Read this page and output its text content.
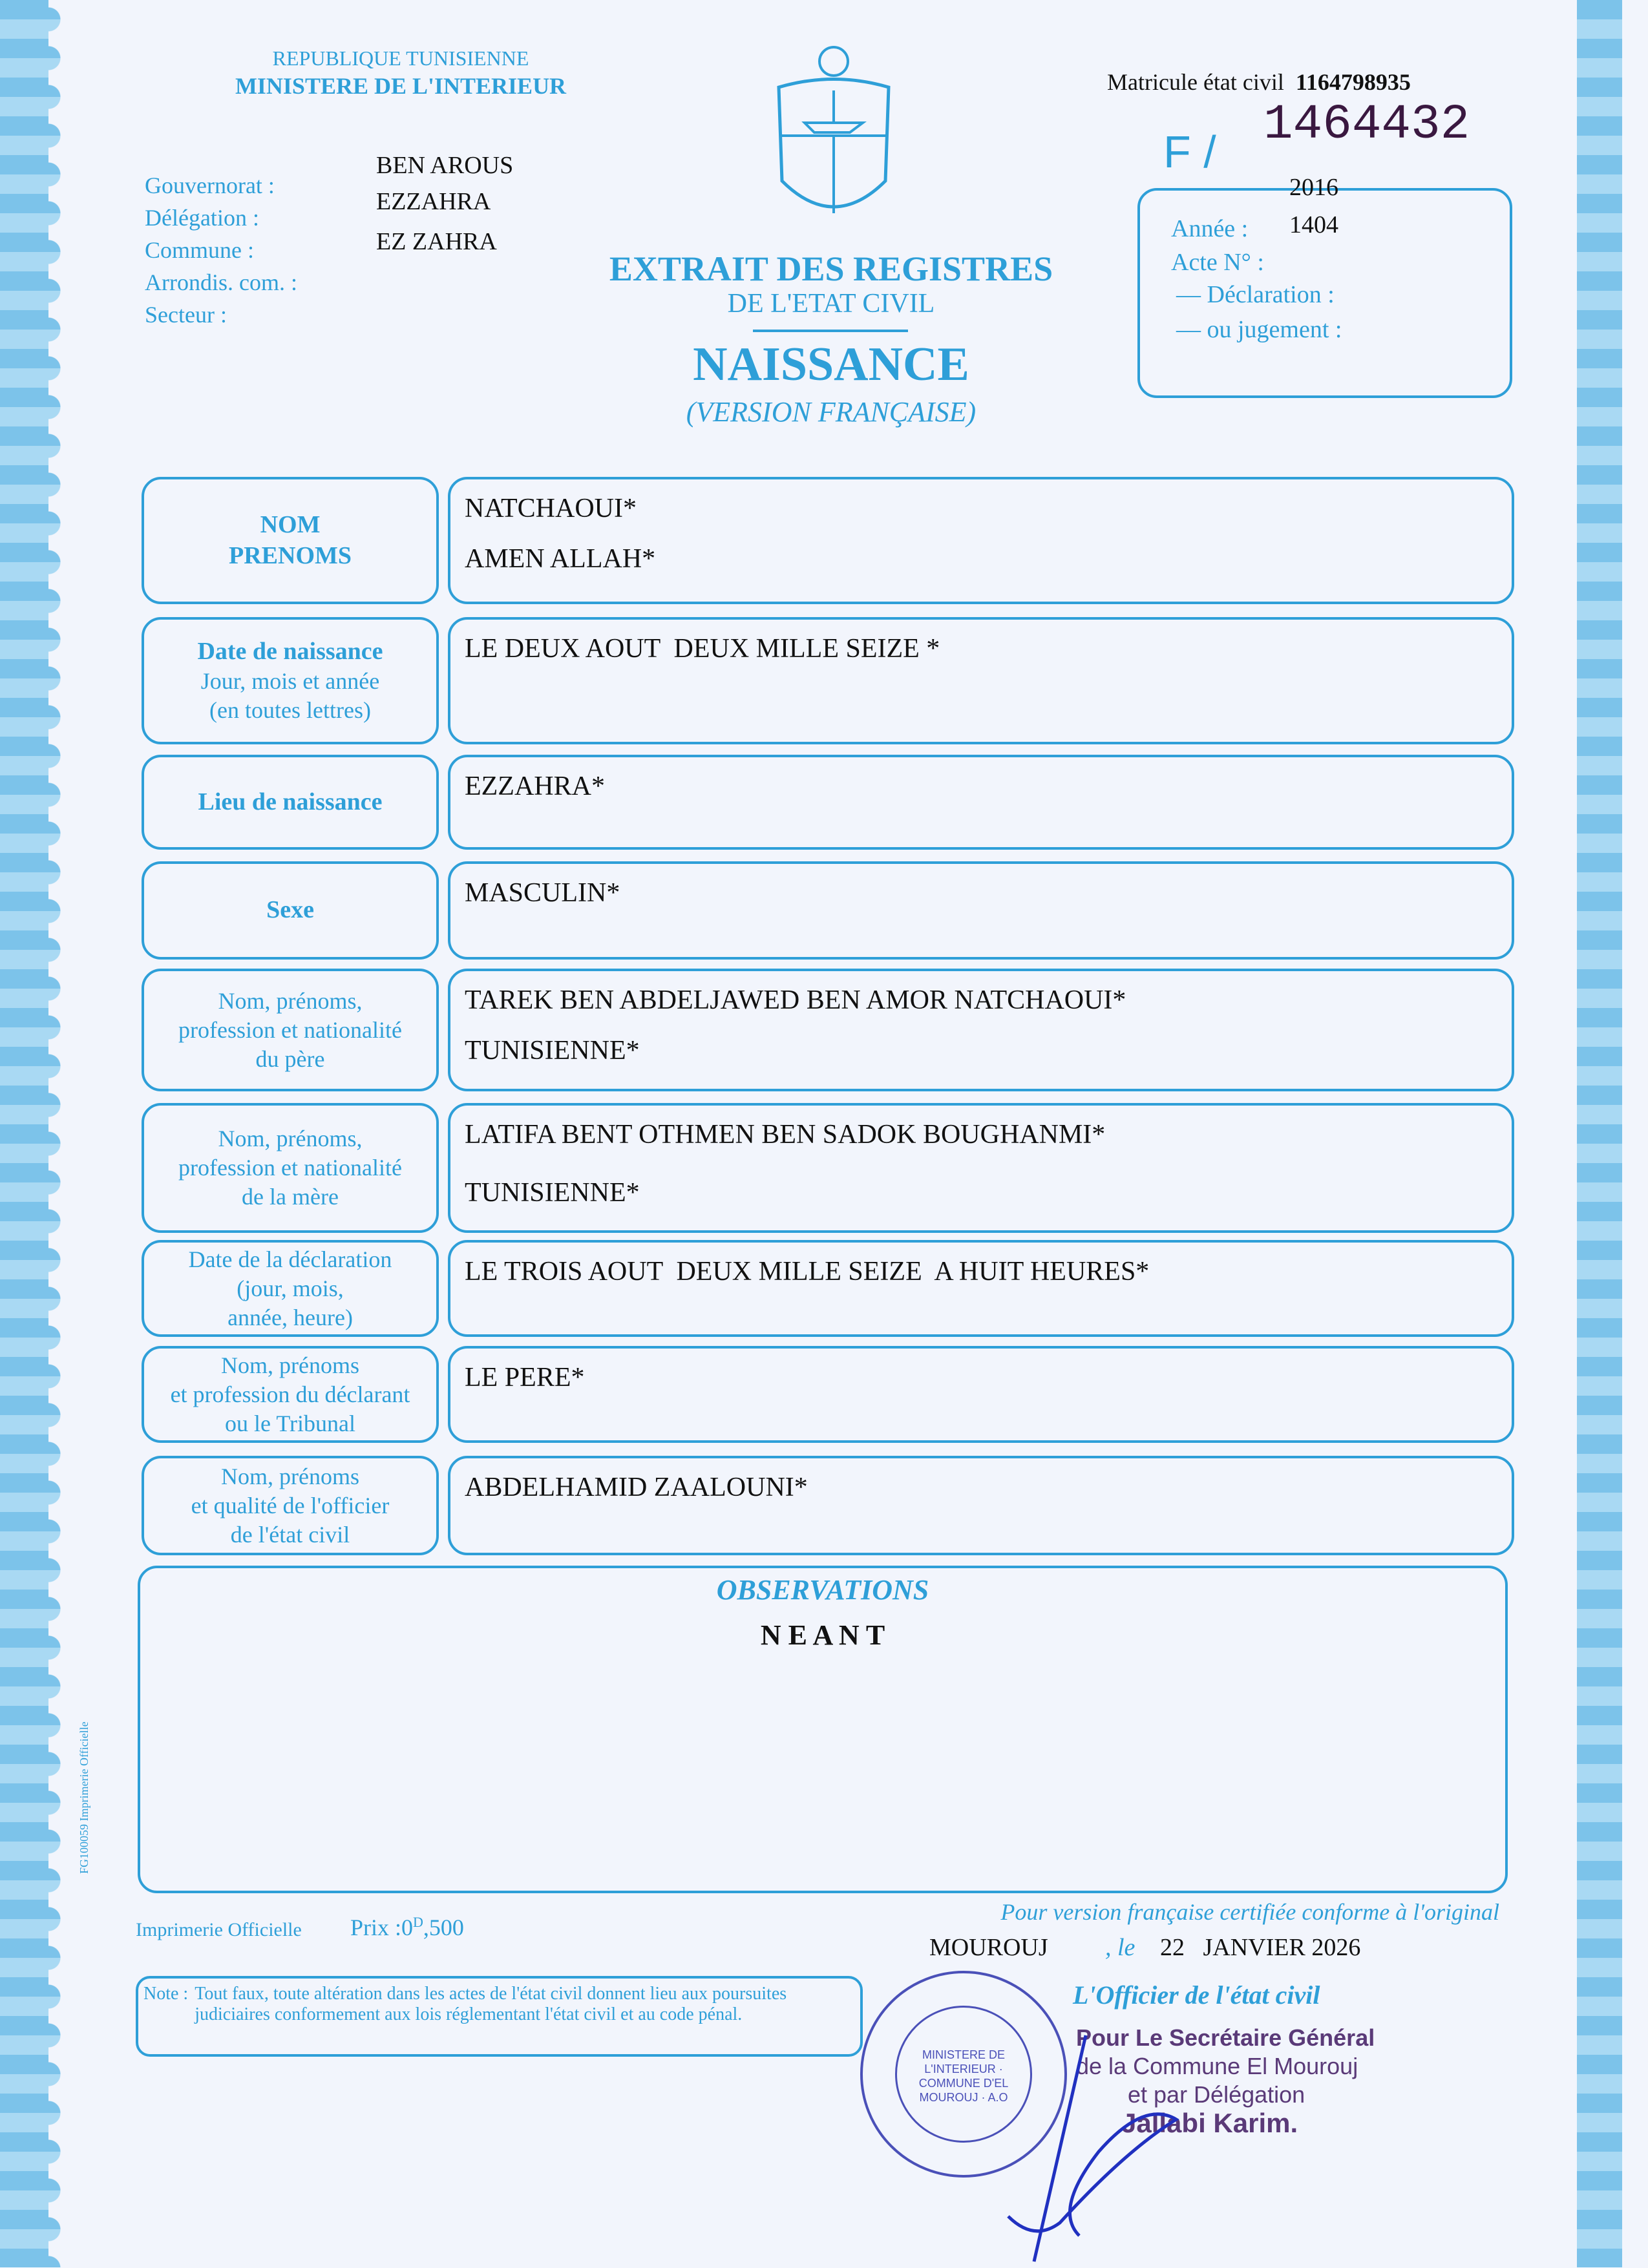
REPUBLIQUE TUNISIENNE
MINISTERE DE L'INTERIEUR
Gouvernorat :
Délégation :
Commune :
Arrondis. com. :
Secteur :
BEN AROUS
EZZAHRA
EZ ZAHRA
Matricule état civil 1164798935
F / 1464432
2016
Année : 1404
Acte N° :
— Déclaration :
— ou jugement :
EXTRAIT DES REGISTRES
DE L'ETAT CIVIL
NAISSANCE
(VERSION FRANÇAISE)
NOM
PRENOMS
NATCHAOUI*
AMEN ALLAH*
Date de naissance
Jour, mois et année
(en toutes lettres)
LE DEUX AOUT  DEUX MILLE SEIZE *
Lieu de naissance
EZZAHRA*
Sexe
MASCULIN*
Nom, prénoms,
profession et nationalité
du père
TAREK BEN ABDELJAWED BEN AMOR NATCHAOUI*
TUNISIENNE*
Nom, prénoms,
profession et nationalité
de la mère
LATIFA BENT OTHMEN BEN SADOK BOUGHANMI*
TUNISIENNE*
Date de la déclaration
(jour, mois,
année, heure)
LE TROIS AOUT  DEUX MILLE SEIZE  A HUIT HEURES*
Nom, prénoms
et profession du déclarant
ou le Tribunal
LE PERE*
Nom, prénoms
et qualité de l'officier
de l'état civil
ABDELHAMID ZAALOUNI*
OBSERVATIONS
N E A N T
FG100059 Imprimerie Officielle
Imprimerie Officielle Prix $:0^D,500$
Pour version française certifiée conforme à l'original
MOUROUJ , le 22   JANVIER 2026
Note : Tout faux, toute altération dans les actes de l'état civil donnent lieu aux poursuites judiciaires conformement aux lois réglementant l'état civil et au code pénal.
MINISTERE DE L'INTERIEUR · COMMUNE D'EL MOUROUJ · A.O
L'Officier de l'état civil
Pour Le Secrétaire Général
de la Commune El Mourouj
et par Délégation
Jallabi Karim.
